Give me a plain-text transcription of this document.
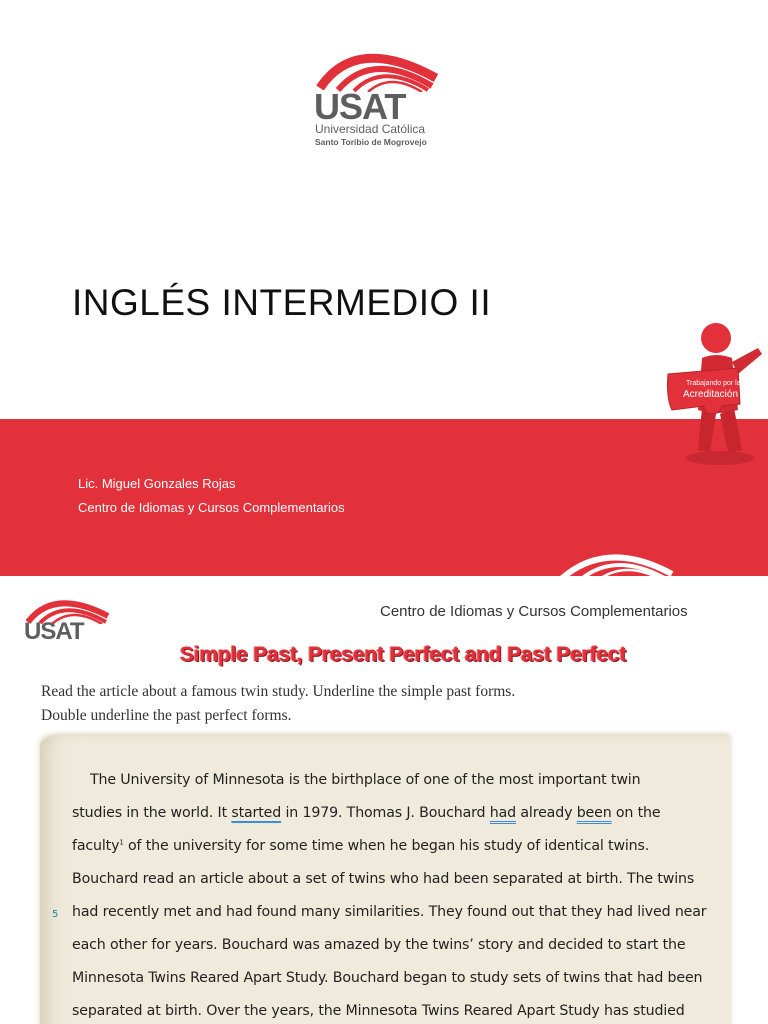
USAT
Universidad Católica
Santo Toribio de Mogrovejo
INGLÉS INTERMEDIO II
Trabajando por la
Acreditación
Lic. Miguel Gonzales Rojas
Centro de Idiomas y Cursos Complementarios
USAT
Centro de Idiomas y Cursos Complementarios
Simple Past, Present Perfect and Past Perfect
Read the article about a famous twin study. Underline the simple past forms.
Double underline the past perfect forms.
The University of Minnesota is the birthplace of one of the most important twin
studies in the world. It started in 1979. Thomas J. Bouchard had already been on the
faculty$^1$ of the university for some time when he began his study of identical twins.
Bouchard read an article about a set of twins who had been separated at birth. The twins
5 had recently met and had found many similarities. They found out that they had lived near
each other for years. Bouchard was amazed by the twins’ story and decided to start the
Minnesota Twins Reared Apart Study. Bouchard began to study sets of twins that had been
separated at birth. Over the years, the Minnesota Twins Reared Apart Study has studied
